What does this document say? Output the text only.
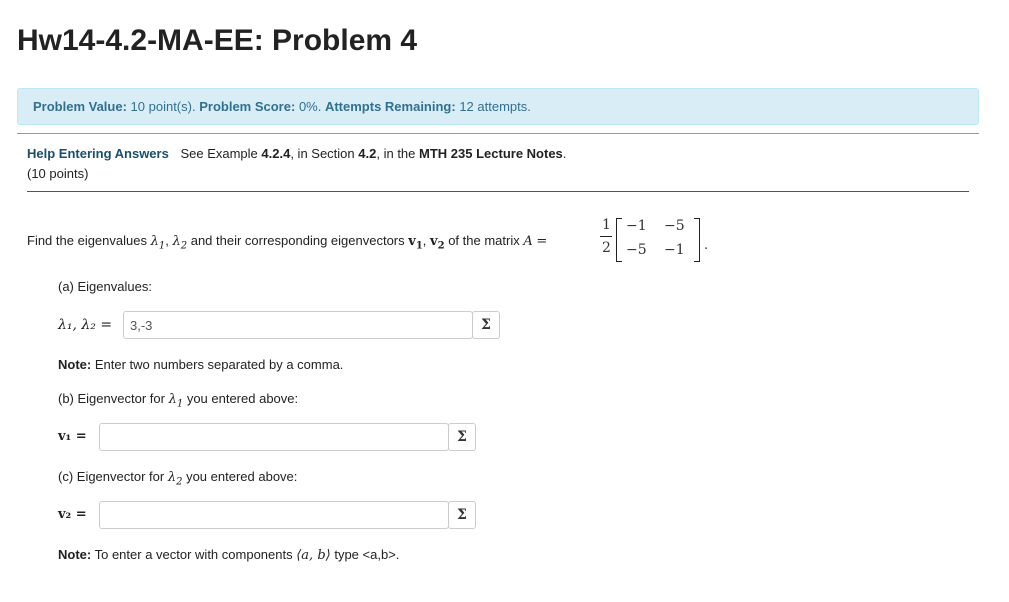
Hw14-4.2-MA-EE: Problem 4
Problem Value: 10 point(s). Problem Score: 0%. Attempts Remaining: 12 attempts.
Help Entering Answers See Example 4.2.4, in Section 4.2, in the MTH 235 Lecture Notes.
(10 points)
Find the eigenvalues $\lambda_1$, $\lambda_2$ and their corresponding eigenvectors $v_1$, $v_2$ of the matrix A =
1
2
−1 −5
−5 −1 .
(a) Eigenvalues:
λ₁, λ₂ =	3,-3	Σ
Note: Enter two numbers separated by a comma.
(b) Eigenvector for $\lambda_1$ you entered above:
v₁ =	Σ
(c) Eigenvector for $\lambda_2$ you entered above:
v₂ =	Σ
Note: To enter a vector with components ⟨a, b⟩ type <a,b>.
